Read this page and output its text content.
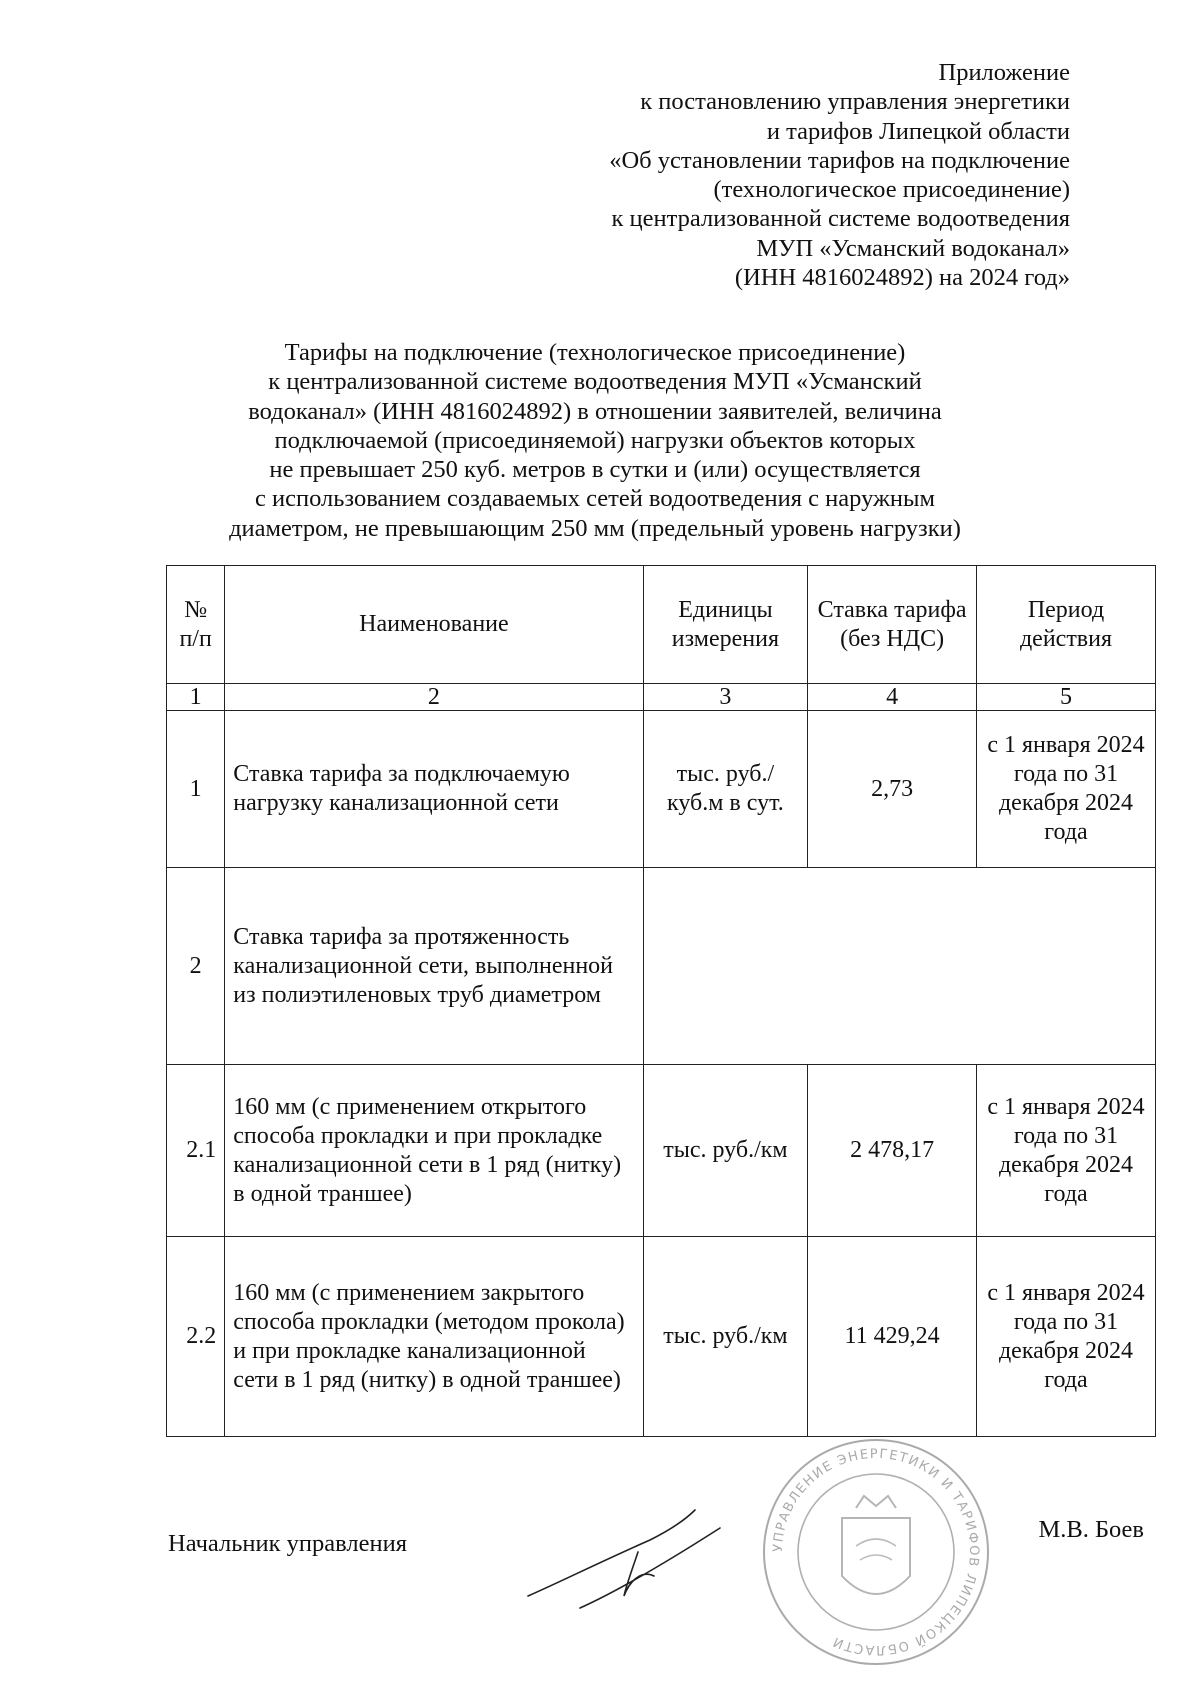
Приложение
к постановлению управления энергетики
и тарифов Липецкой области
«Об установлении тарифов на подключение
(технологическое присоединение)
к централизованной системе водоотведения
МУП «Усманский водоканал»
(ИНН 4816024892) на 2024 год»
Тарифы на подключение (технологическое присоединение)
к централизованной системе водоотведения МУП «Усманский
водоканал» (ИНН 4816024892) в отношении заявителей, величина
подключаемой (присоединяемой) нагрузки объектов которых
не превышает 250 куб. метров в сутки и (или) осуществляется
с использованием создаваемых сетей водоотведения с наружным
диаметром, не превышающим 250 мм (предельный уровень нагрузки)
№ п/п	Наименование	Единицы измерения	Ставка тарифа (без НДС)	Период действия
1	2	3	4	5
1	Ставка тарифа за подключаемую нагрузку канализационной сети	тыс. руб./ куб.м в сут.	2,73	с 1 января 2024 года по 31 декабря 2024 года
2	Ставка тарифа за протяженность канализационной сети, выполненной из полиэтиленовых труб диаметром			
2.1	160 мм (с применением открытого способа прокладки и при прокладке канализационной сети в 1 ряд (нитку) в одной траншее)	тыс. руб./км	2 478,17	с 1 января 2024 года по 31 декабря 2024 года
2.2	160 мм (с применением закрытого способа прокладки (методом прокола) и при прокладке канализационной сети в 1 ряд (нитку) в одной траншее)	тыс. руб./км	11 429,24	с 1 января 2024 года по 31 декабря 2024 года
УПРАВЛЕНИЕ ЭНЕРГЕТИКИ И ТАРИФОВ ЛИПЕЦКОЙ ОБЛАСТИ
Начальник управления
М.В. Боев
